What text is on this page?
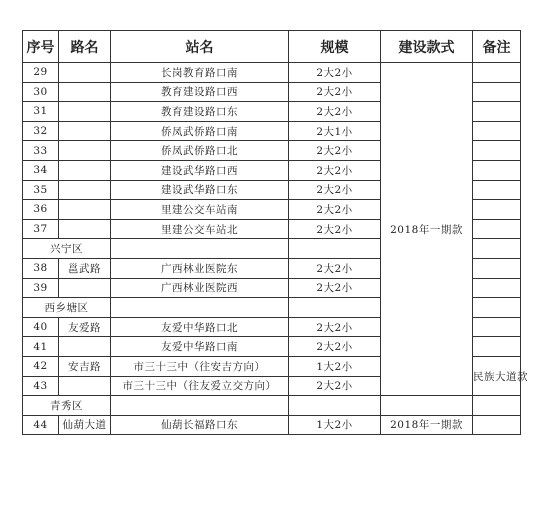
序号	路名	站名	规模	建设款式	备注	
29		长岗教育路口南	2大2小	2018年一期款		
30		教育建设路口西	2大2小			
31		教育建设路口东	2大2小			
32		侨凤武侨路口南	2大1小			
33		侨凤武侨路口北	2大2小			
34		建设武华路口西	2大2小			
35		建设武华路口东	2大2小			
36		里建公交车站南	2大2小			
37		里建公交车站北	2大2小			
兴宁区						
38	邕武路	广西林业医院东	2大2小			
39		广西林业医院西	2大2小			
西乡塘区						
40	友爱路	友爱中华路口北	2大2小			
41		友爱中华路口南	2大2小			
42	安吉路	市三十三中（往安吉方向）	1大2小		民族大道款	
43		市三十三中（往友爱立交方向）	2大2小			
青秀区						
44	仙葫大道	仙葫长福路口东	1大2小	2018年一期款		
